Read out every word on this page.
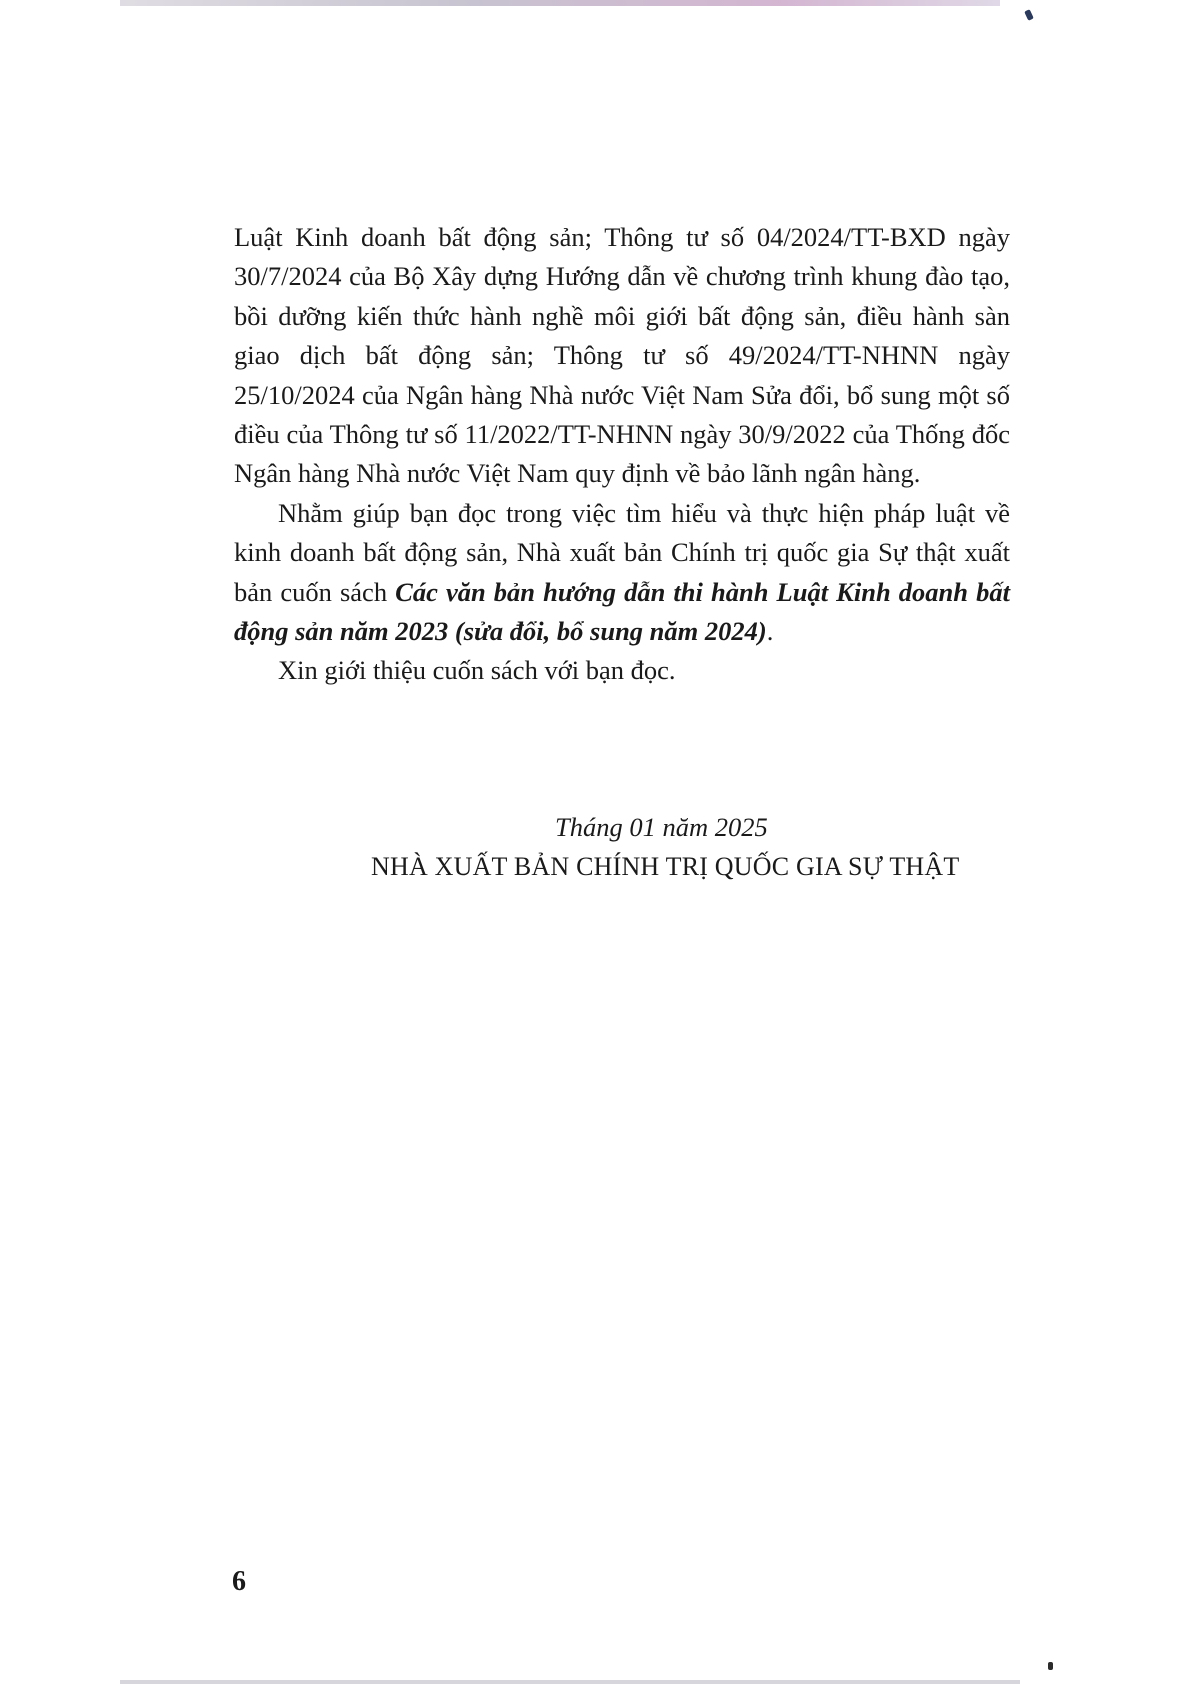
Luật Kinh doanh bất động sản; Thông tư số 04/2024/TT-BXD ngày 30/7/2024 của Bộ Xây dựng Hướng dẫn về chương trình khung đào tạo, bồi dưỡng kiến thức hành nghề môi giới bất động sản, điều hành sàn giao dịch bất động sản; Thông tư số 49/2024/TT-NHNN ngày 25/10/2024 của Ngân hàng Nhà nước Việt Nam Sửa đổi, bổ sung một số điều của Thông tư số 11/2022/TT-NHNN ngày 30/9/2022 của Thống đốc Ngân hàng Nhà nước Việt Nam quy định về bảo lãnh ngân hàng.

Nhằm giúp bạn đọc trong việc tìm hiểu và thực hiện pháp luật về kinh doanh bất động sản, Nhà xuất bản Chính trị quốc gia Sự thật xuất bản cuốn sách Các văn bản hướng dẫn thi hành Luật Kinh doanh bất động sản năm 2023 (sửa đổi, bổ sung năm 2024).

Xin giới thiệu cuốn sách với bạn đọc.

Tháng 01 năm 2025
NHÀ XUẤT BẢN CHÍNH TRỊ QUỐC GIA SỰ THẬT
6
